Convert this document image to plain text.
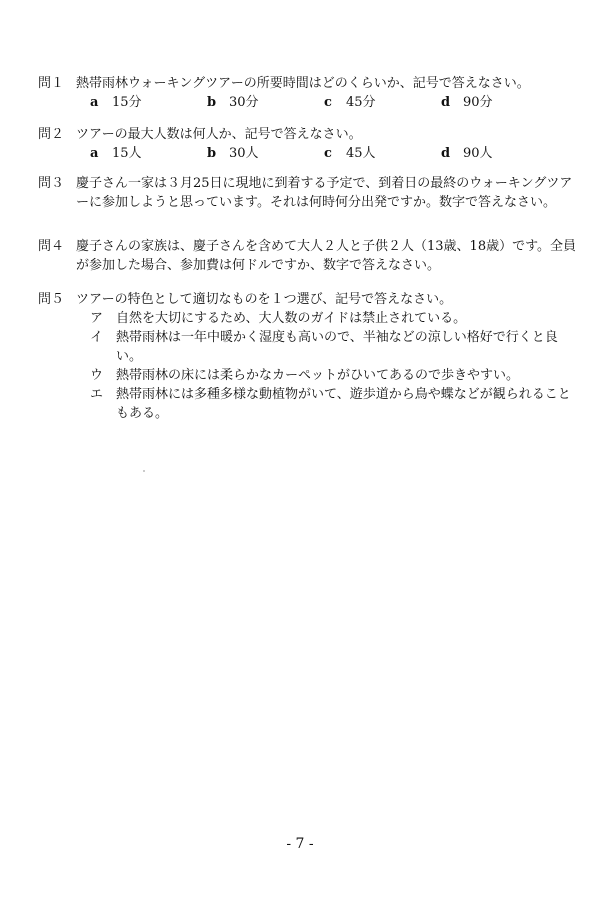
問１ 熱帯雨林ウォーキングツアーの所要時間はどのくらいか、記号で答えなさい。
a 15分	b 30分	c 45分	d 90分
問２ ツアーの最大人数は何人か、記号で答えなさい。
a 15人	b 30人	c 45人	d 90人
問３ 慶子さん一家は３月25日に現地に到着する予定で、到着日の最終のウォーキングツアーに参加しようと思っています。それは何時何分出発ですか。数字で答えなさい。
問４ 慶子さんの家族は、慶子さんを含めて大人２人と子供２人（13歳、18歳）です。全員が参加した場合、参加費は何ドルですか、数字で答えなさい。
問５ ツアーの特色として適切なものを１つ選び、記号で答えなさい。
ア 自然を大切にするため、大人数のガイドは禁止されている。
イ 熱帯雨林は一年中暖かく湿度も高いので、半袖などの涼しい格好で行くと良い。
ウ 熱帯雨林の床には柔らかなカーペットがひいてあるので歩きやすい。
エ 熱帯雨林には多種多様な動植物がいて、遊歩道から鳥や蝶などが観られることもある。
- 7 -
